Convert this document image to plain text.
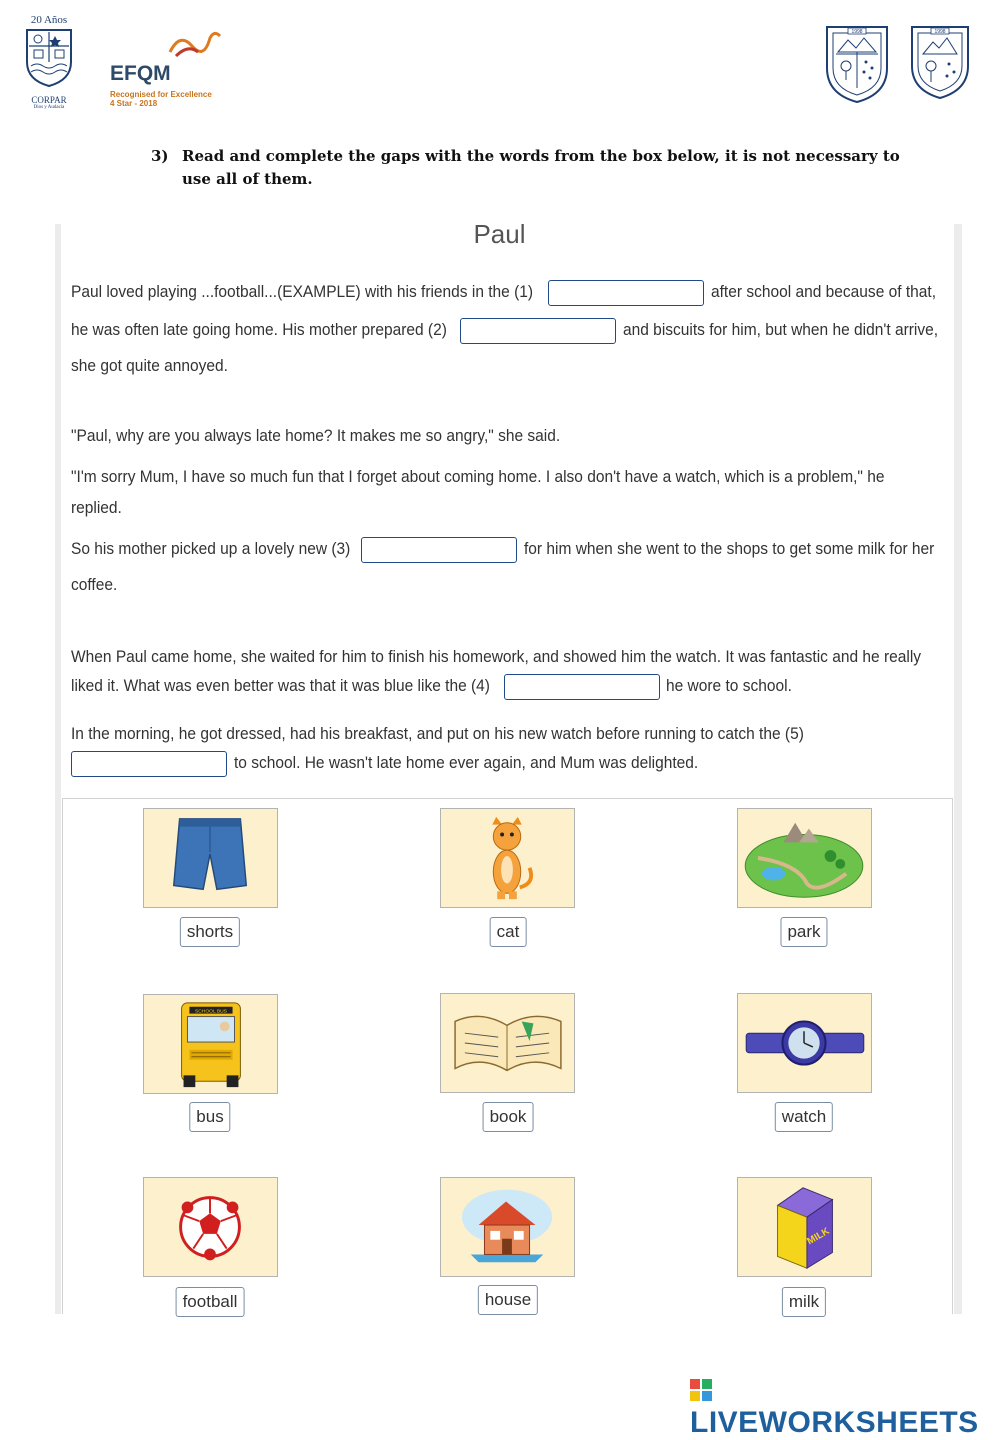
20 Años
CORPAR
Dios y Audacia
EFQM
Recognised for Excellence
4 Star - 2018
1998	1998
3) Read and complete the gaps with the words from the box below, it is not necessary to use all of them.
Paul
Paul loved playing ...football...(EXAMPLE) with his friends in the (1)	after school and because of that,
he was often late going home. His mother prepared (2)	and biscuits for him, but when he didn't arrive,
she got quite annoyed.
"Paul, why are you always late home? It makes me so angry," she said.
"I'm sorry Mum, I have so much fun that I forget about coming home. I also don't have a watch, which is a problem," he
replied.
So his mother picked up a lovely new (3)	for him when she went to the shops to get some milk for her
coffee.
When Paul came home, she waited for him to finish his homework, and showed him the watch. It was fantastic and he really
liked it. What was even better was that it was blue like the (4)	he wore to school.
In the morning, he got dressed, had his breakfast, and put on his new watch before running to catch the (5)
to school. He wasn't late home ever again, and Mum was delighted.
shorts	cat	park
SCHOOL BUS
bus	book	watch
football	house
MILK
milk
LIVEWORKSHEETS
